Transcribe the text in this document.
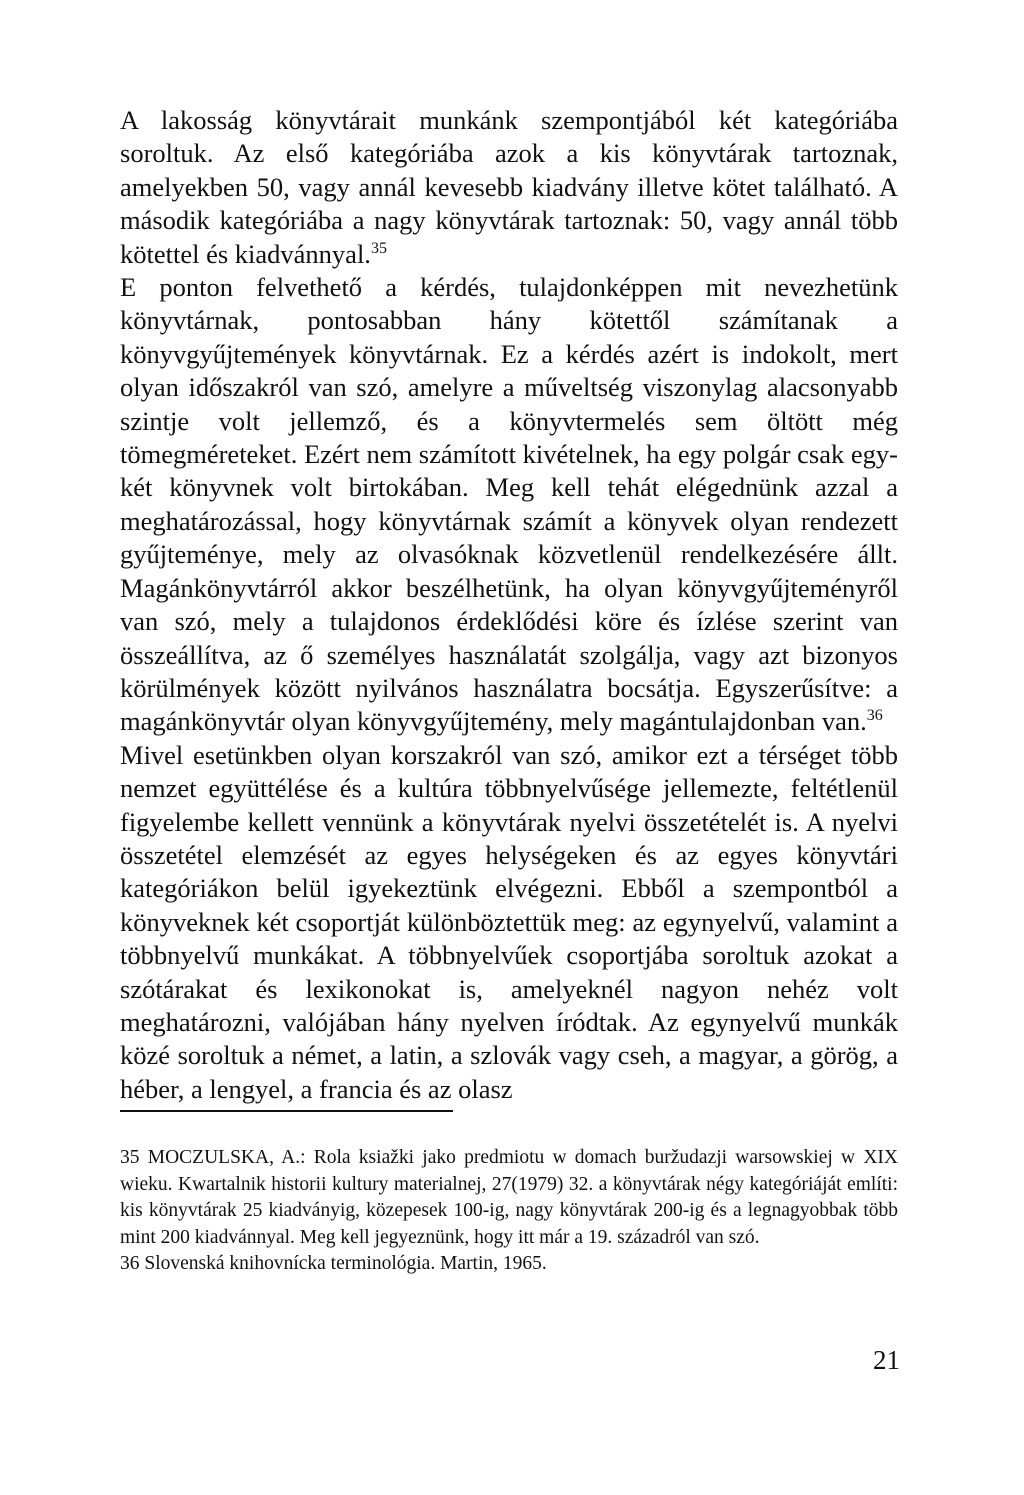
A lakosság könyvtárait munkánk szempontjából két kategóriába soroltuk. Az első kategóriába azok a kis könyvtárak tartoznak, amelyekben 50, vagy annál kevesebb kiadvány illetve kötet található. A második kategóriába a nagy könyvtárak tartoznak: 50, vagy annál több kötettel és kiadvánnyal.$^{35}$

E ponton felvethető a kérdés, tulajdonképpen mit nevezhetünk könyvtárnak, pontosabban hány kötettől számítanak a könyvgyűjtemények könyvtárnak. Ez a kérdés azért is indokolt, mert olyan időszakról van szó, amelyre a műveltség viszonylag alacsonyabb szintje volt jellemző, és a könyvtermelés sem öltött még tömegméreteket. Ezért nem számított kivételnek, ha egy polgár csak egy-két könyvnek volt birtokában. Meg kell tehát elégednünk azzal a meghatározással, hogy könyvtárnak számít a könyvek olyan rendezett gyűjteménye, mely az olvasóknak közvetlenül rendelkezésére állt. Magánkönyvtárról akkor beszélhetünk, ha olyan könyvgyűjteményről van szó, mely a tulajdonos érdeklődési köre és ízlése szerint van összeállítva, az ő személyes használatát szolgálja, vagy azt bizonyos körülmények között nyilvános használatra bocsátja. Egyszerűsítve: a magánkönyvtár olyan könyvgyűjtemény, mely magántulajdonban van.$^{36}$

Mivel esetünkben olyan korszakról van szó, amikor ezt a térséget több nemzet együttélése és a kultúra többnyelvűsége jellemezte, feltétlenül figyelembe kellett vennünk a könyvtárak nyelvi összetételét is. A nyelvi összetétel elemzését az egyes helységeken és az egyes könyvtári kategóriákon belül igyekeztünk elvégezni. Ebből a szempontból a könyveknek két csoportját különböztettük meg: az egynyelvű, valamint a többnyelvű munkákat. A többnyelvűek csoportjába soroltuk azokat a szótárakat és lexikonokat is, amelyeknél nagyon nehéz volt meghatározni, valójában hány nyelven íródtak. Az egynyelvű munkák közé soroltuk a német, a latin, a szlovák vagy cseh, a magyar, a görög, a héber, a lengyel, a francia és az olasz

35 MOCZULSKA, A.: Rola ksiažki jako predmiotu w domach buržudazji warsowskiej w XIX wieku. Kwartalnik historii kultury materialnej, 27(1979) 32. a könyvtárak négy kategóriáját említi: kis könyvtárak 25 kiadványig, közepesek 100-ig, nagy könyvtárak 200-ig és a legnagyobbak több mint 200 kiadvánnyal. Meg kell jegyeznünk, hogy itt már a 19. századról van szó.

36 Slovenská knihovnícka terminológia. Martin, 1965.

21
